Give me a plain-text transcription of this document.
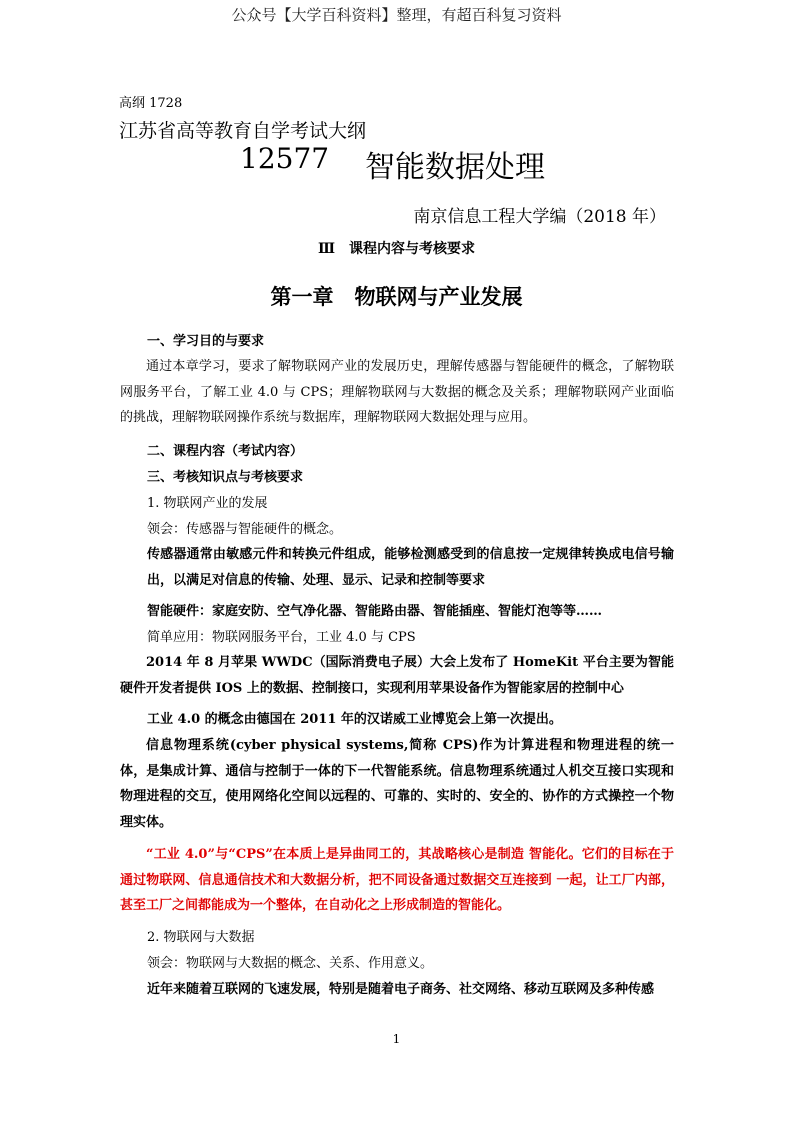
公众号【大学百科资料】整理，有超百科复习资料
高纲 1728
江苏省高等教育自学考试大纲
12577 智能数据处理
南京信息工程大学编（2018 年）
Ⅲ　课程内容与考核要求
第一章　物联网与产业发展
一、学习目的与要求
通过本章学习，要求了解物联网产业的发展历史，理解传感器与智能硬件的概念，了解物联网服务平台，了解工业 4.0 与 CPS；理解物联网与大数据的概念及关系；理解物联网产业面临的挑战，理解物联网操作系统与数据库，理解物联网大数据处理与应用。
二、课程内容（考试内容）
三、考核知识点与考核要求
1. 物联网产业的发展
领会：传感器与智能硬件的概念。
传感器通常由敏感元件和转换元件组成，能够检测感受到的信息按一定规律转换成电信号输出，以满足对信息的传输、处理、显示、记录和控制等要求
智能硬件：家庭安防、空气净化器、智能路由器、智能插座、智能灯泡等等……
简单应用：物联网服务平台，工业 4.0 与 CPS
2014 年 8 月苹果 WWDC（国际消费电子展）大会上发布了 HomeKit 平台主要为智能硬件开发者提供 IOS 上的数据、控制接口，实现利用苹果设备作为智能家居的控制中心
工业 4.0 的概念由德国在 2011 年的汉诺威工业博览会上第一次提出。
信息物理系统(cyber physical systems,简称 CPS)作为计算进程和物理进程的统一体，是集成计算、通信与控制于一体的下一代智能系统。信息物理系统通过人机交互接口实现和物理进程的交互，使用网络化空间以远程的、可靠的、实时的、安全的、协作的方式操控一个物理实体。
“工业 4.0”与“CPS”在本质上是异曲同工的，其战略核心是制造 智能化。它们的目标在于通过物联网、信息通信技术和大数据分析，把不同设备通过数据交互连接到 一起，让工厂内部，甚至工厂之间都能成为一个整体，在自动化之上形成制造的智能化。
2. 物联网与大数据
领会：物联网与大数据的概念、关系、作用意义。
近年来随着互联网的飞速发展，特别是随着电子商务、社交网络、移动互联网及多种传感
1
